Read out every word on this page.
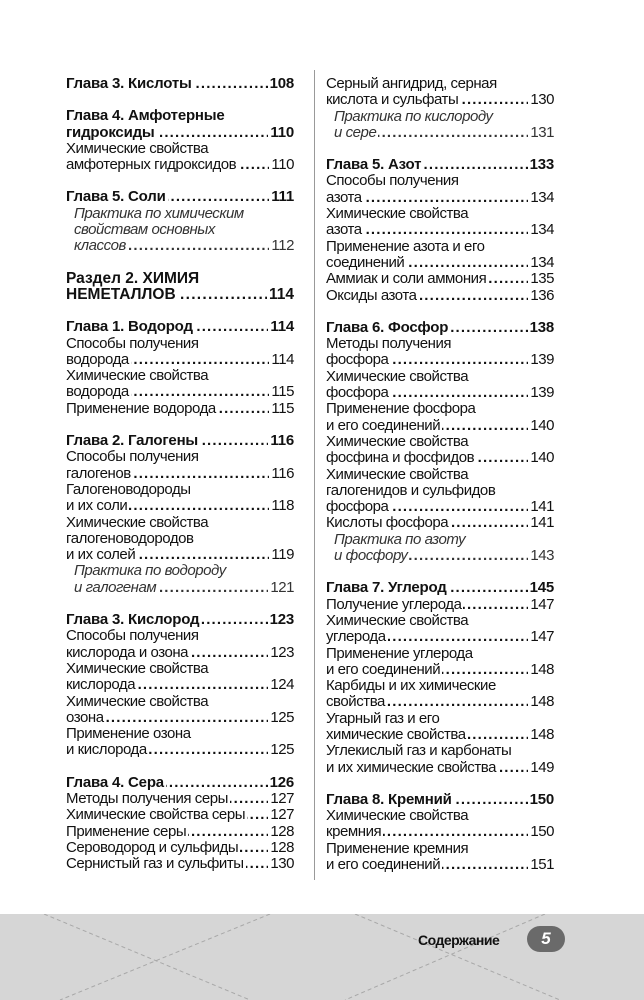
Глава 3. Кислоты . . .	108
Глава 4. Амфотерные
гидроксиды . . .	110
Химические свойства
амфотерных гидроксидов . . . 110
Глава 5. Соли . . .	111
Практика по химическим
свойствам основных
классов . . .	112
Раздел 2. ХИМИЯ
НЕМЕТАЛЛОВ . . .	114
Глава 1. Водород . . .	114
Способы получения
водорода . . .	114
Химические свойства
водорода . . .	115
Применение водорода . . .	115
Глава 2. Галогены . . .	116
Способы получения
галогенов . . .	116
Галогеноводороды
и их соли . . .	118
Химические свойства
галогеноводородов
и их солей . . .	119
Практика по водороду
и галогенам . . .	121
Глава 3. Кислород . . .	123
Способы получения
кислорода и озона . . .	123
Химические свойства
кислорода . . .	124
Химические свойства
озона . . .	125
Применение озона
и кислорода . . .	125
Глава 4. Сера . . .	126
Методы получения серы . . .	127
Химические свойства серы . . . 127
Применение серы . . .	128
Сероводород и сульфиды . . . 128
Сернистый газ и сульфиты . . . 130
Серный ангидрид, серная
кислота и сульфаты . . .	130
Практика по кислороду
и сере . . .	131
Глава 5. Азот . . .	133
Способы получения
азота . . .	134
Химические свойства
азота . . .	134
Применение азота и его
соединений . . .	134
Аммиак и соли аммония . . .	135
Оксиды азота . . .	136
Глава 6. Фосфор . . .	138
Методы получения
фосфора . . .	139
Химические свойства
фосфора . . .	139
Применение фосфора
и его соединений . . .	140
Химические свойства
фосфина и фосфидов . . .	140
Химические свойства
галогенидов и сульфидов
фосфора . . .	141
Кислоты фосфора . . .	141
Практика по азоту
и фосфору . . .	143
Глава 7. Углерод . . .	145
Получение углерода . . .	147
Химические свойства
углерода . . .	147
Применение углерода
и его соединений . . .	148
Карбиды и их химические
свойства . . .	148
Угарный газ и его
химические свойства . . .	148
Углекислый газ и карбонаты
и их химические свойства . . . 149
Глава 8. Кремний . . .	150
Химические свойства
кремния . . .	150
Применение кремния
и его соединений . . .	151
Содержание	5
